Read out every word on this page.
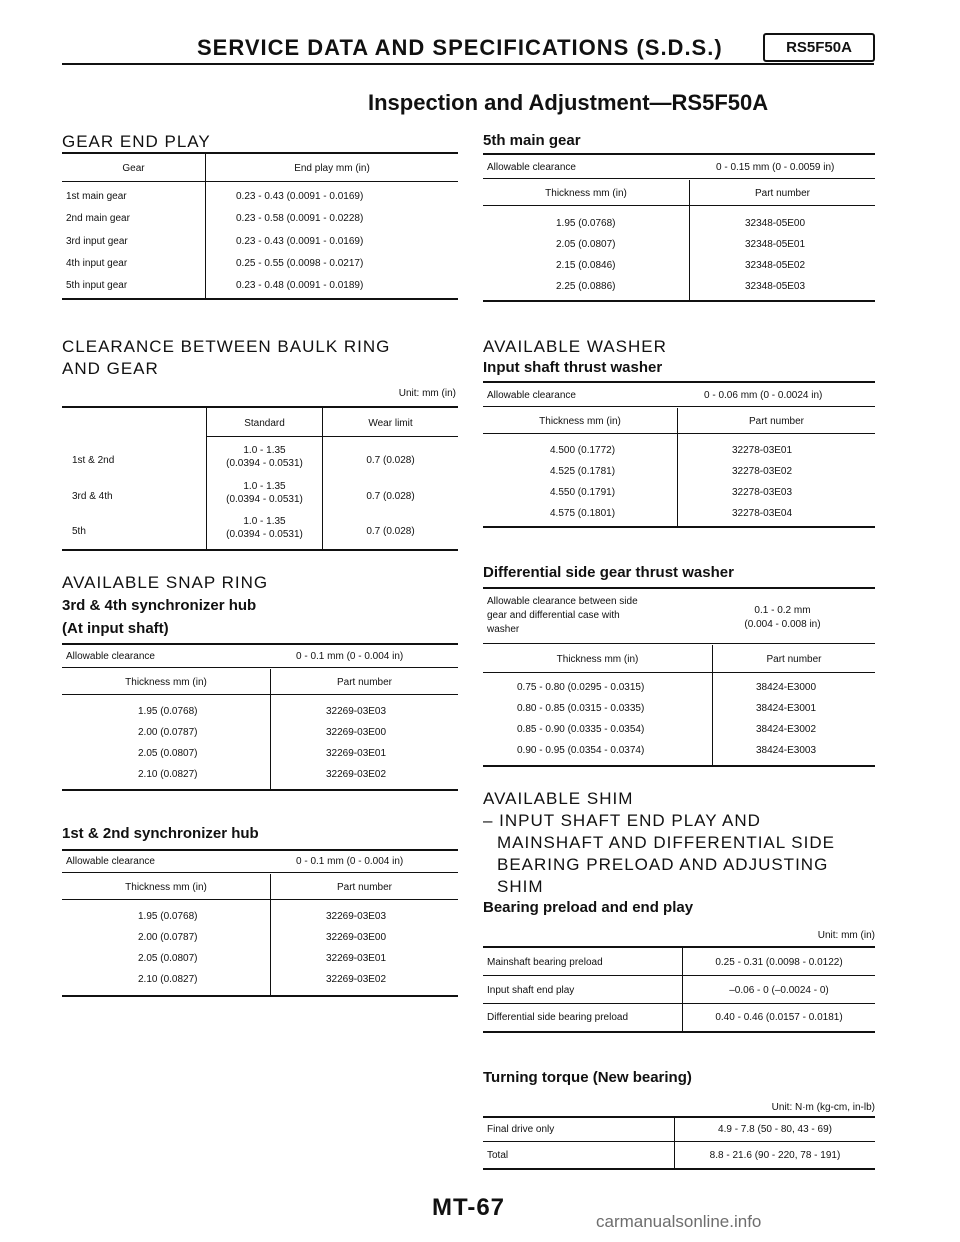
SERVICE DATA AND SPECIFICATIONS (S.D.S.)	RS5F50A
Inspection and Adjustment—RS5F50A
GEAR END PLAY
Gear	End play mm (in)
1st main gear	0.23 - 0.43 (0.0091 - 0.0169)
2nd main gear	0.23 - 0.58 (0.0091 - 0.0228)
3rd input gear	0.23 - 0.43 (0.0091 - 0.0169)
4th input gear	0.25 - 0.55 (0.0098 - 0.0217)
5th input gear	0.23 - 0.48 (0.0091 - 0.0189)
CLEARANCE BETWEEN BAULK RING
AND GEAR
Unit: mm (in)
Standard	Wear limit
1st & 2nd
1.0 - 1.35
(0.0394 - 0.0531)	0.7 (0.028)
3rd & 4th
1.0 - 1.35
(0.0394 - 0.0531)	0.7 (0.028)
5th
1.0 - 1.35
(0.0394 - 0.0531)	0.7 (0.028)
AVAILABLE SNAP RING
3rd & 4th synchronizer hub
(At input shaft)
Allowable clearance	0 - 0.1 mm (0 - 0.004 in)
Thickness mm (in)	Part number
1.95 (0.0768)	32269-03E03
2.00 (0.0787)	32269-03E00
2.05 (0.0807)	32269-03E01
2.10 (0.0827)	32269-03E02
1st & 2nd synchronizer hub
Allowable clearance	0 - 0.1 mm (0 - 0.004 in)
Thickness mm (in)	Part number
1.95 (0.0768)	32269-03E03
2.00 (0.0787)	32269-03E00
2.05 (0.0807)	32269-03E01
2.10 (0.0827)	32269-03E02
5th main gear
Allowable clearance	0 - 0.15 mm (0 - 0.0059 in)
Thickness mm (in)	Part number
1.95 (0.0768)	32348-05E00
2.05 (0.0807)	32348-05E01
2.15 (0.0846)	32348-05E02
2.25 (0.0886)	32348-05E03
AVAILABLE WASHER
Input shaft thrust washer
Allowable clearance	0 - 0.06 mm (0 - 0.0024 in)
Thickness mm (in)	Part number
4.500 (0.1772)	32278-03E01
4.525 (0.1781)	32278-03E02
4.550 (0.1791)	32278-03E03
4.575 (0.1801)	32278-03E04
Differential side gear thrust washer
Allowable clearance between side
gear and differential case with
washer
0.1 - 0.2 mm
(0.004 - 0.008 in)
Thickness mm (in)	Part number
0.75 - 0.80 (0.0295 - 0.0315)	38424-E3000
0.80 - 0.85 (0.0315 - 0.0335)	38424-E3001
0.85 - 0.90 (0.0335 - 0.0354)	38424-E3002
0.90 - 0.95 (0.0354 - 0.0374)	38424-E3003
AVAILABLE SHIM
– INPUT SHAFT END PLAY AND
MAINSHAFT AND DIFFERENTIAL SIDE
BEARING PRELOAD AND ADJUSTING
SHIM
Bearing preload and end play
Unit: mm (in)
Mainshaft bearing preload	0.25 - 0.31 (0.0098 - 0.0122)
Input shaft end play	–0.06 - 0 (–0.0024 - 0)
Differential side bearing preload	0.40 - 0.46 (0.0157 - 0.0181)
Turning torque (New bearing)
Unit: N·m (kg-cm, in-lb)
Final drive only	4.9 - 7.8 (50 - 80, 43 - 69)
Total	8.8 - 21.6 (90 - 220, 78 - 191)
MT-67
carmanualsonline.info
